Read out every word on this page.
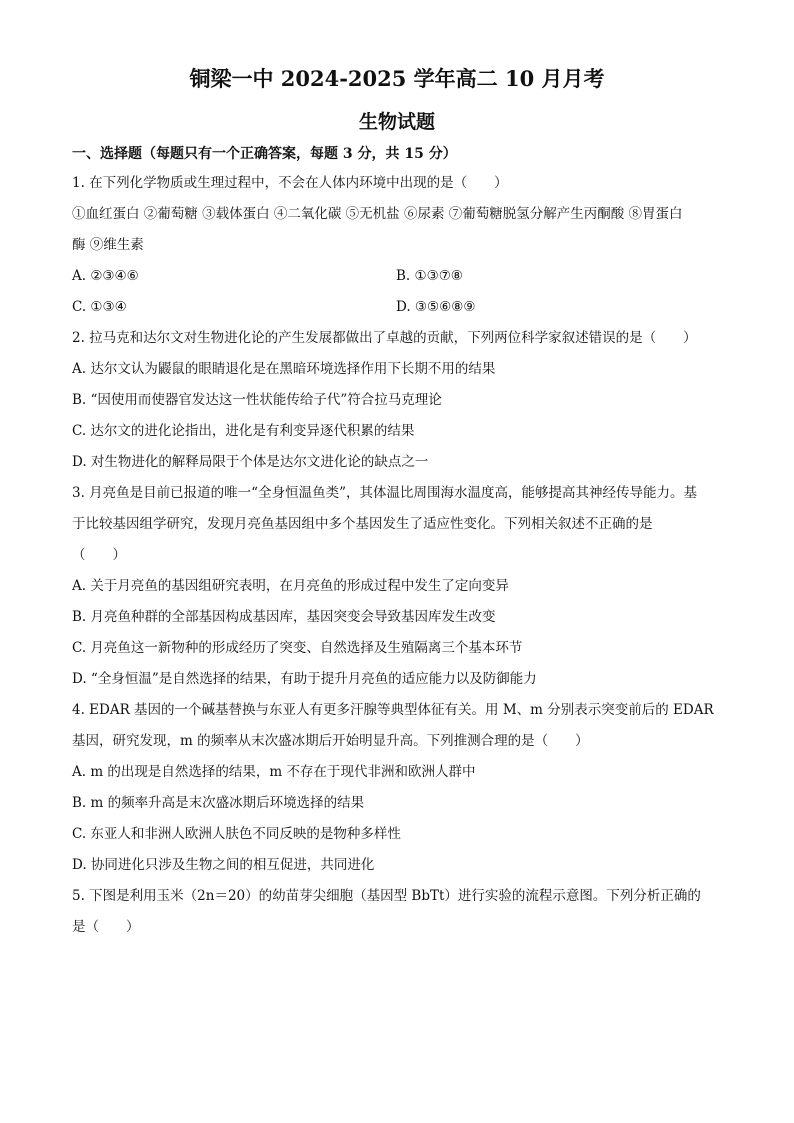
铜梁一中 2024-2025 学年高二 10 月月考
生物试题
一、选择题（每题只有一个正确答案，每题 3 分，共 15 分）

1. 在下列化学物质或生理过程中，不会在人体内环境中出现的是（　　）

①血红蛋白 ②葡萄糖 ③载体蛋白 ④二氧化碳 ⑤无机盐 ⑥尿素 ⑦葡萄糖脱氢分解产生丙酮酸 ⑧胃蛋白

酶 ⑨维生素

A. ②③④⑥	B. ①③⑦⑧
C. ①③④	D. ③⑤⑥⑧⑨

2. 拉马克和达尔文对生物进化论的产生发展都做出了卓越的贡献，下列两位科学家叙述错误的是（　　）

A. 达尔文认为鼹鼠的眼睛退化是在黑暗环境选择作用下长期不用的结果

B. “因使用而使器官发达这一性状能传给子代”符合拉马克理论

C. 达尔文的进化论指出，进化是有利变异逐代积累的结果

D. 对生物进化的解释局限于个体是达尔文进化论的缺点之一

3. 月亮鱼是目前已报道的唯一“全身恒温鱼类”，其体温比周围海水温度高，能够提高其神经传导能力。基

于比较基因组学研究，发现月亮鱼基因组中多个基因发生了适应性变化。下列相关叙述不正确的是

（　　）

A. 关于月亮鱼的基因组研究表明，在月亮鱼的形成过程中发生了定向变异

B. 月亮鱼种群的全部基因构成基因库，基因突变会导致基因库发生改变

C. 月亮鱼这一新物种的形成经历了突变、自然选择及生殖隔离三个基本环节

D. “全身恒温”是自然选择的结果，有助于提升月亮鱼的适应能力以及防御能力

4. EDAR 基因的一个碱基替换与东亚人有更多汗腺等典型体征有关。用 M、m 分别表示突变前后的 EDAR

基因，研究发现，m 的频率从末次盛冰期后开始明显升高。下列推测合理的是（　　）

A. m 的出现是自然选择的结果，m 不存在于现代非洲和欧洲人群中

B. m 的频率升高是末次盛冰期后环境选择的结果

C. 东亚人和非洲人欧洲人肤色不同反映的是物种多样性

D. 协同进化只涉及生物之间的相互促进，共同进化

5. 下图是利用玉米（2n＝20）的幼苗芽尖细胞（基因型 BbTt）进行实验的流程示意图。下列分析正确的

是（　　）
